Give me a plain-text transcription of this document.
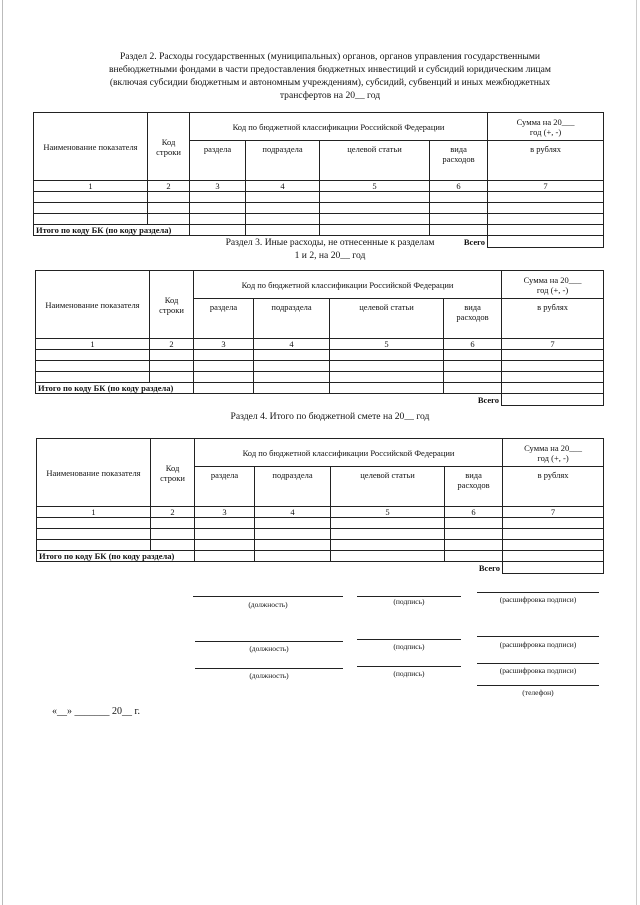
Раздел 2. Расходы государственных (муниципальных) органов, органов управления государственными
внебюджетными фондами в части предоставления бюджетных инвестиций и субсидий юридическим лицам
(включая субсидии бюджетным и автономным учреждениям), субсидий, субвенций и иных межбюджетных
трансфертов на 20__ год
Наименование показателя	Код
строки	Код по бюджетной классификации Российской Федерации				Сумма на 20___
год (+, -)
		раздела	подраздела	целевой статьи	вида
расходов	в рублях
1	2	3	4	5	6	7

Итого по коду БК (по коду раздела)						
Всего						
Раздел 3. Иные расходы, не отнесенные к разделам
1 и 2, на 20__ год
Наименование показателя	Код
строки	Код по бюджетной классификации Российской Федерации				Сумма на 20___
год (+, -)
		раздела	подраздела	целевой статьи	вида
расходов	в рублях
1	2	3	4	5	6	7

Итого по коду БК (по коду раздела)						
Всего						
Раздел 4. Итого по бюджетной смете на 20__ год
Наименование показателя	Код
строки	Код по бюджетной классификации Российской Федерации				Сумма на 20___
год (+, -)
		раздела	подраздела	целевой статьи	вида
расходов	в рублях
1	2	3	4	5	6	7

Итого по коду БК (по коду раздела)						
Всего						
(должность)	(подпись)	(расшифровка подписи)
(должность)	(подпись)	(расшифровка подписи)
(должность)	(подпись)	(расшифровка подписи)
(телефон)
«__» _______ 20__ г.
